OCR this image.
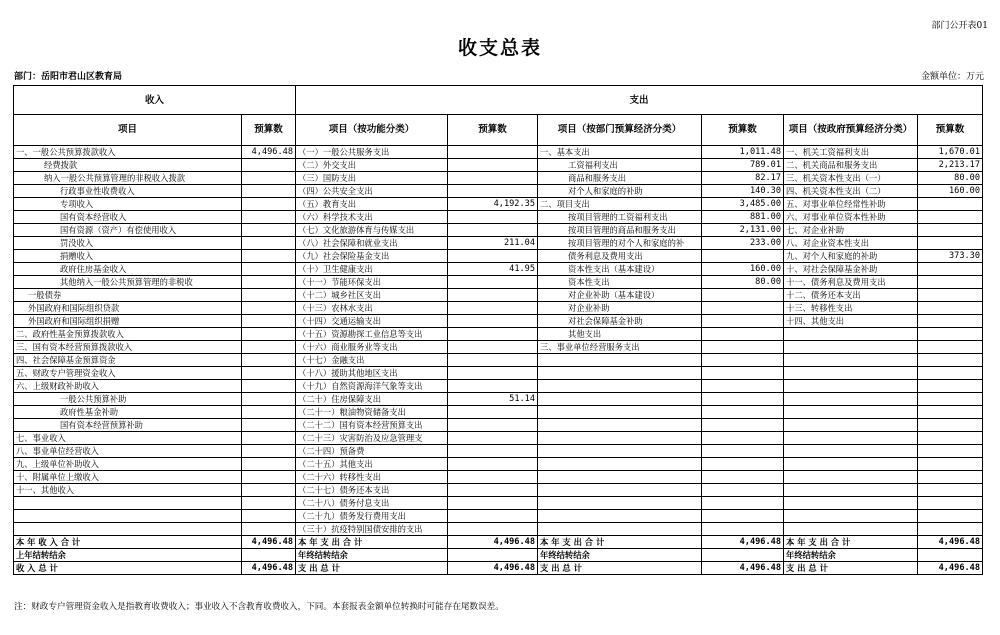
部门公开表01
收支总表
部门：岳阳市君山区教育局	金额单位：万元
收入		支出					
项目	预算数	项目（按功能分类）	预算数	项目（按部门预算经济分类）	预算数	项目（按政府预算经济分类）	预算数
一、一般公共预算拨款收入	4,496.48	（一）一般公共服务支出		一、基本支出	1,011.48	一、机关工资福利支出	1,670.01
经费拨款		（二）外交支出		工资福利支出	789.01	二、机关商品和服务支出	2,213.17
纳入一般公共预算管理的非税收入拨款		（三）国防支出		商品和服务支出	82.17	三、机关资本性支出（一）	80.00
行政事业性收费收入		（四）公共安全支出		对个人和家庭的补助	140.30	四、机关资本性支出（二）	160.00
专项收入		（五）教育支出	4,192.35	二、项目支出	3,485.00	五、对事业单位经常性补助	
国有资本经营收入		（六）科学技术支出		按项目管理的工资福利支出	881.00	六、对事业单位资本性补助	
国有资源（资产）有偿使用收入		（七）文化旅游体育与传媒支出		按项目管理的商品和服务支出	2,131.00	七、对企业补助	
罚没收入		（八）社会保障和就业支出	211.04	按项目管理的对个人和家庭的补	233.00	八、对企业资本性支出	
捐赠收入		（九）社会保险基金支出		债务利息及费用支出		九、对个人和家庭的补助	373.30
政府住房基金收入		（十）卫生健康支出	41.95	资本性支出（基本建设）	160.00	十、对社会保障基金补助	
其他纳入一般公共预算管理的非税收		（十一）节能环保支出		资本性支出	80.00	十一、债务利息及费用支出	
一般债券		（十二）城乡社区支出		对企业补助（基本建设）		十二、债务还本支出	
外国政府和国际组织贷款		（十三）农林水支出		对企业补助		十三、转移性支出	
外国政府和国际组织捐赠		（十四）交通运输支出		对社会保障基金补助		十四、其他支出	
二、政府性基金预算拨款收入		（十五）资源勘探工业信息等支出		其他支出			
三、国有资本经营预算拨款收入		（十六）商业服务业等支出		三、事业单位经营服务支出			
四、社会保障基金预算资金		（十七）金融支出					
五、财政专户管理资金收入		（十八）援助其他地区支出					
六、上级财政补助收入		（十九）自然资源海洋气象等支出					
一般公共预算补助		（二十）住房保障支出	51.14				
政府性基金补助		（二十一）粮油物资储备支出					
国有资本经营预算补助		（二十二）国有资本经营预算支出					
七、事业收入		（二十三）灾害防治及应急管理支					
八、事业单位经营收入		（二十四）预备费					
九、上级单位补助收入		（二十五）其他支出					
十、附属单位上缴收入		（二十六）转移性支出					
十一、其他收入		（二十七）债务还本支出					
		（二十八）债务付息支出					
		（二十九）债务发行费用支出					
		（三十）抗疫特别国债安排的支出					
本 年 收 入 合 计	4,496.48	本 年 支 出 合 计	4,496.48	本 年 支 出 合 计	4,496.48	本 年 支 出 合 计	4,496.48
上年结转结余		年终结转结余		年终结转结余		年终结转结余	
收 入 总 计	4,496.48	支 出 总 计	4,496.48	支 出 总 计	4,496.48	支 出 总 计	4,496.48
注：财政专户管理资金收入是指教育收费收入；事业收入不含教育收费收入，下同。本套报表金额单位转换时可能存在尾数误差。
